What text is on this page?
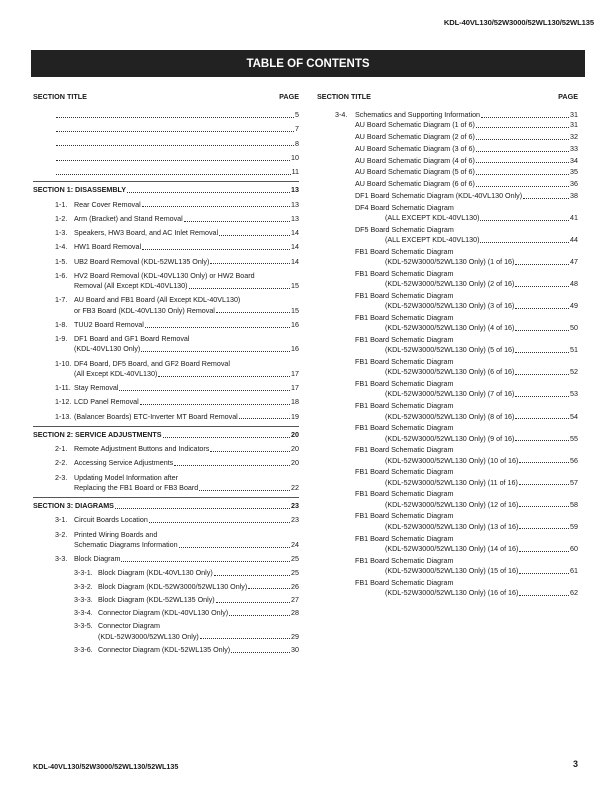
KDL-40VL130/52W3000/52WL130/52WL135
TABLE OF CONTENTS
SECTION TITLE	PAGE
5
7
8
10
11
SECTION 1: DISASSEMBLY	13
1-1. Rear Cover Removal	13
1-2. Arm (Bracket) and Stand Removal	13
1-3. Speakers, HW3 Board, and AC Inlet Removal	14
1-4. HW1 Board Removal	14
1-5. UB2 Board Removal (KDL-52WL135 Only)	14
1-6. HV2 Board Removal (KDL-40VL130 Only) or HW2 Board
Removal (All Except KDL-40VL130)	15
1-7. AU Board and FB1 Board (All Except KDL-40VL130)
or FB3 Board (KDL-40VL130 Only) Removal	15
1-8. TUU2 Board Removal	16
1-9. DF1 Board and GF1 Board Removal
(KDL-40VL130 Only)	16
1-10. DF4 Board, DF5 Board, and GF2 Board Removal
(All Except KDL-40VL130)	17
1-11. Stay Removal	17
1-12. LCD Panel Removal	18
1-13. (Balancer Boards) ETC-Inverter MT Board Removal	19
SECTION 2: SERVICE ADJUSTMENTS	20
2-1. Remote Adjustment Buttons and Indicators	20
2-2. Accessing Service Adjustments	20
2-3. Updating Model Information after
Replacing the FB1 Board or FB3 Board	22
SECTION 3: DIAGRAMS	23
3-1. Circuit Boards Location	23
3-2. Printed Wiring Boards and
Schematic Diagrams Information	24
3-3. Block Diagram	25
3-3-1. Block Diagram (KDL-40VL130 Only)	25
3-3-2. Block Diagram (KDL-52W3000/52WL130 Only)	26
3-3-3. Block Diagram (KDL-52WL135 Only)	27
3-3-4. Connector Diagram (KDL-40VL130 Only)	28
3-3-5. Connector Diagram
(KDL-52W3000/52WL130 Only)	29
3-3-6. Connector Diagram (KDL-52WL135 Only)	30
SECTION TITLE	PAGE
3-4.	Schematics and Supporting Information	31
AU Board Schematic Diagram (1 of 6)	31
AU Board Schematic Diagram (2 of 6)	32
AU Board Schematic Diagram (3 of 6)	33
AU Board Schematic Diagram (4 of 6)	34
AU Board Schematic Diagram (5 of 6)	35
AU Board Schematic Diagram (6 of 6)	36
DF1 Board Schematic Diagram (KDL-40VL130 Only)	38
DF4 Board Schematic Diagram
(ALL EXCEPT KDL-40VL130)	41
DF5 Board Schematic Diagram
(ALL EXCEPT KDL-40VL130)	44
FB1 Board Schematic Diagram
(KDL-52W3000/52WL130 Only) (1 of 16)	47
FB1 Board Schematic Diagram
(KDL-52W3000/52WL130 Only) (2 of 16)	48
FB1 Board Schematic Diagram
(KDL-52W3000/52WL130 Only) (3 of 16)	49
FB1 Board Schematic Diagram
(KDL-52W3000/52WL130 Only) (4 of 16)	50
FB1 Board Schematic Diagram
(KDL-52W3000/52WL130 Only) (5 of 16)	51
FB1 Board Schematic Diagram
(KDL-52W3000/52WL130 Only) (6 of 16)	52
FB1 Board Schematic Diagram
(KDL-52W3000/52WL130 Only) (7 of 16)	53
FB1 Board Schematic Diagram
(KDL-52W3000/52WL130 Only) (8 of 16)	54
FB1 Board Schematic Diagram
(KDL-52W3000/52WL130 Only) (9 of 16)	55
FB1 Board Schematic Diagram
(KDL-52W3000/52WL130 Only) (10 of 16)	56
FB1 Board Schematic Diagram
(KDL-52W3000/52WL130 Only) (11 of 16)	57
FB1 Board Schematic Diagram
(KDL-52W3000/52WL130 Only) (12 of 16)	58
FB1 Board Schematic Diagram
(KDL-52W3000/52WL130 Only) (13 of 16)	59
FB1 Board Schematic Diagram
(KDL-52W3000/52WL130 Only) (14 of 16)	60
FB1 Board Schematic Diagram
(KDL-52W3000/52WL130 Only) (15 of 16)	61
FB1 Board Schematic Diagram
(KDL-52W3000/52WL130 Only) (16 of 16)	62
KDL-40VL130/52W3000/52WL130/52WL135	3
